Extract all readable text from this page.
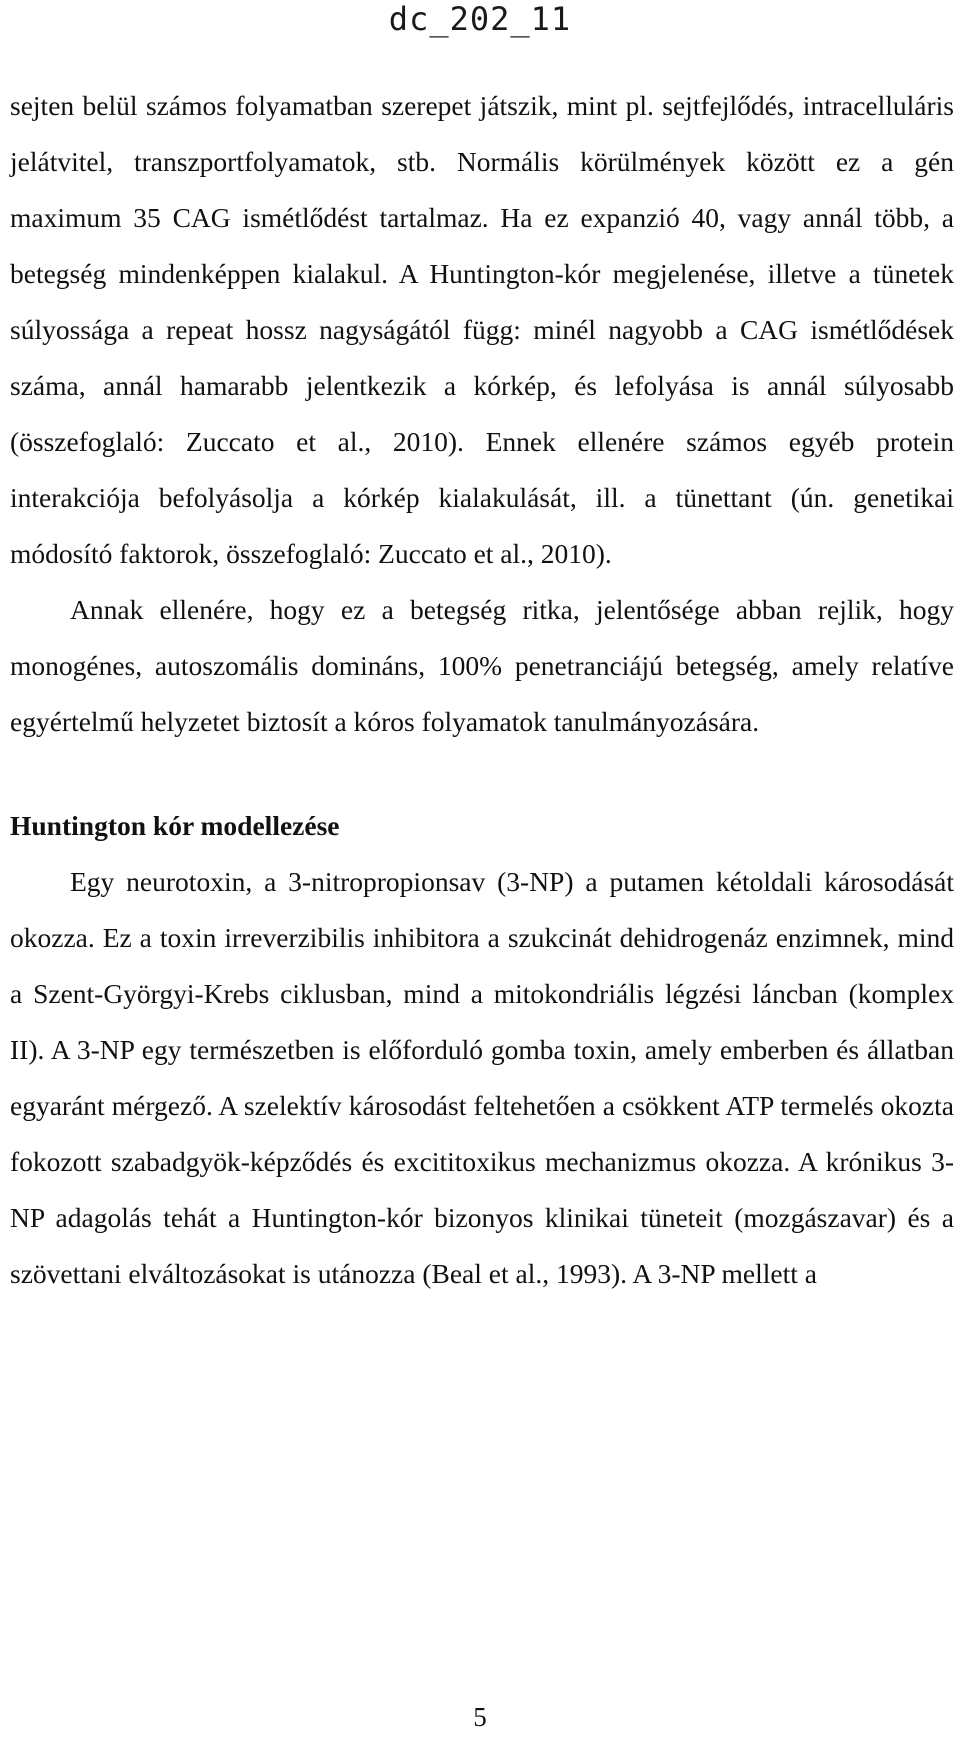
dc_202_11

sejten belül számos folyamatban szerepet játszik, mint pl. sejtfejlődés, intracelluláris jelátvitel, transzportfolyamatok, stb. Normális körülmények között ez a gén maximum 35 CAG ismétlődést tartalmaz. Ha ez expanzió 40, vagy annál több, a betegség mindenképpen kialakul. A Huntington-kór megjelenése, illetve a tünetek súlyossága a repeat hossz nagyságától függ: minél nagyobb a CAG ismétlődések száma, annál hamarabb jelentkezik a kórkép, és lefolyása is annál súlyosabb (összefoglaló: Zuccato et al., 2010). Ennek ellenére számos egyéb protein interakciója befolyásolja a kórkép kialakulását, ill. a tünettant (ún. genetikai módosító faktorok, összefoglaló: Zuccato et al., 2010).

Annak ellenére, hogy ez a betegség ritka, jelentősége abban rejlik, hogy monogénes, autoszomális domináns, 100% penetranciájú betegség, amely relatíve egyértelmű helyzetet biztosít a kóros folyamatok tanulmányozására.

Huntington kór modellezése

Egy neurotoxin, a 3-nitropropionsav (3-NP) a putamen kétoldali károsodását okozza. Ez a toxin irreverzibilis inhibitora a szukcinát dehidrogenáz enzimnek, mind a Szent-Györgyi-Krebs ciklusban, mind a mitokondriális légzési láncban (komplex II). A 3-NP egy természetben is előforduló gomba toxin, amely emberben és állatban egyaránt mérgező. A szelektív károsodást feltehetően a csökkent ATP termelés okozta fokozott szabadgyök-képződés és excititoxikus mechanizmus okozza. A krónikus 3-NP adagolás tehát a Huntington-kór bizonyos klinikai tüneteit (mozgászavar) és a szövettani elváltozásokat is utánozza (Beal et al., 1993). A 3-NP mellett a

5
